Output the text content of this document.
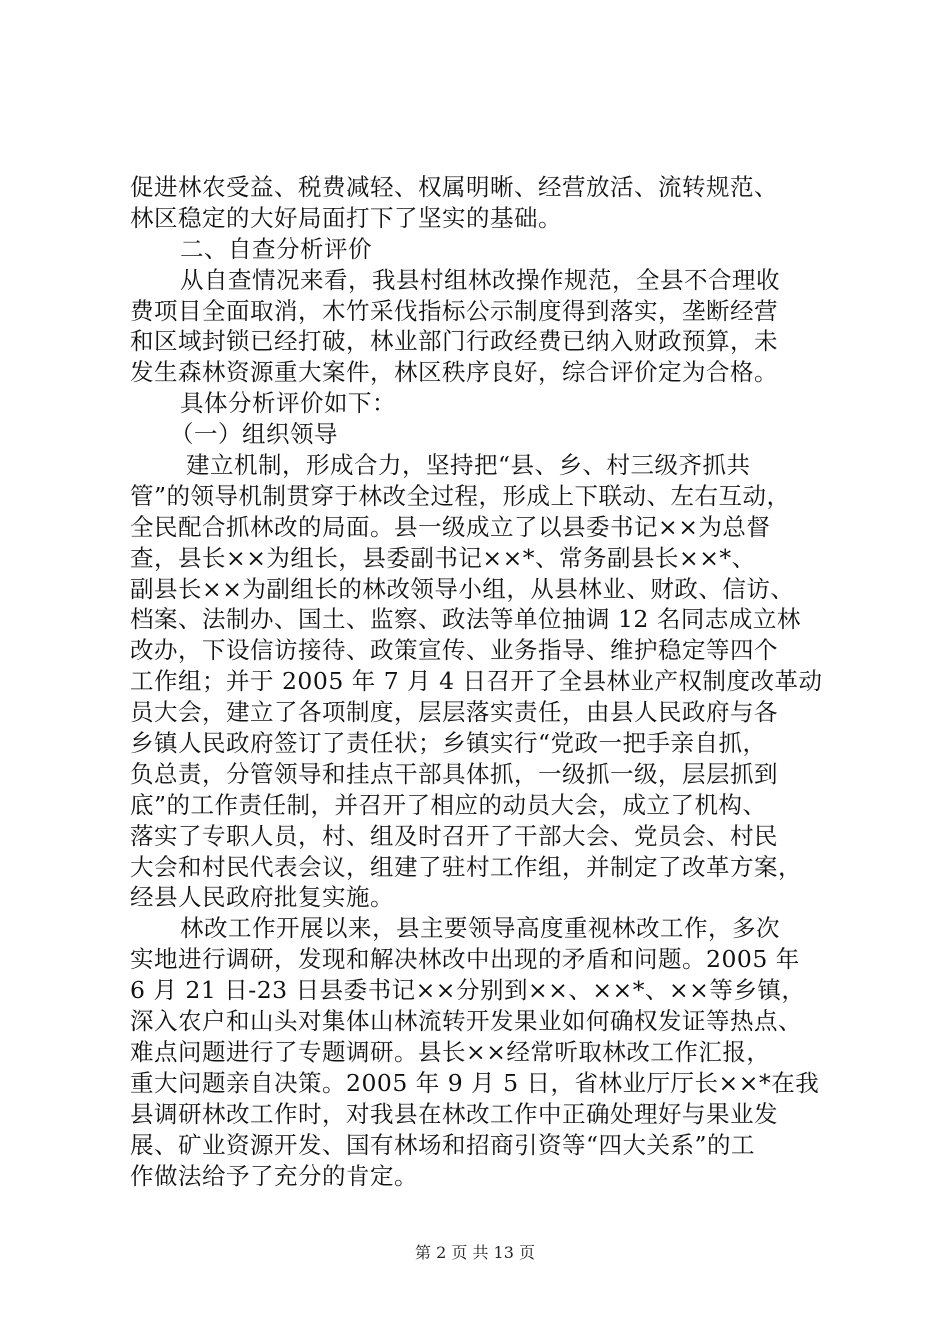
促进林农受益、税费减轻、权属明晰、经营放活、流转规范、
林区稳定的大好局面打下了坚实的基础。
二、自查分析评价
从自查情况来看，我县村组林改操作规范，全县不合理收
费项目全面取消，木竹采伐指标公示制度得到落实，垄断经营
和区域封锁已经打破，林业部门行政经费已纳入财政预算，未
发生森林资源重大案件，林区秩序良好，综合评价定为合格。
具体分析评价如下：
（一）组织领导
建立机制，形成合力，坚持把“县、乡、村三级齐抓共
管”的领导机制贯穿于林改全过程，形成上下联动、左右互动，
全民配合抓林改的局面。县一级成立了以县委书记××为总督
查，县长××为组长，县委副书记××*、常务副县长××*、
副县长××为副组长的林改领导小组，从县林业、财政、信访、
档案、法制办、国土、监察、政法等单位抽调 12 名同志成立林
改办，下设信访接待、政策宣传、业务指导、维护稳定等四个
工作组；并于 2005 年 7 月 4 日召开了全县林业产权制度改革动
员大会，建立了各项制度，层层落实责任，由县人民政府与各
乡镇人民政府签订了责任状；乡镇实行“党政一把手亲自抓，
负总责，分管领导和挂点干部具体抓，一级抓一级，层层抓到
底”的工作责任制，并召开了相应的动员大会，成立了机构、
落实了专职人员，村、组及时召开了干部大会、党员会、村民
大会和村民代表会议，组建了驻村工作组，并制定了改革方案，
经县人民政府批复实施。
林改工作开展以来，县主要领导高度重视林改工作，多次
实地进行调研，发现和解决林改中出现的矛盾和问题。2005 年
6 月 21 日-23 日县委书记××分别到××、××*、××等乡镇，
深入农户和山头对集体山林流转开发果业如何确权发证等热点、
难点问题进行了专题调研。县长××经常听取林改工作汇报，
重大问题亲自决策。2005 年 9 月 5 日，省林业厅厅长××*在我
县调研林改工作时，对我县在林改工作中正确处理好与果业发
展、矿业资源开发、国有林场和招商引资等“四大关系”的工
作做法给予了充分的肯定。
第 2 页 共 13 页
